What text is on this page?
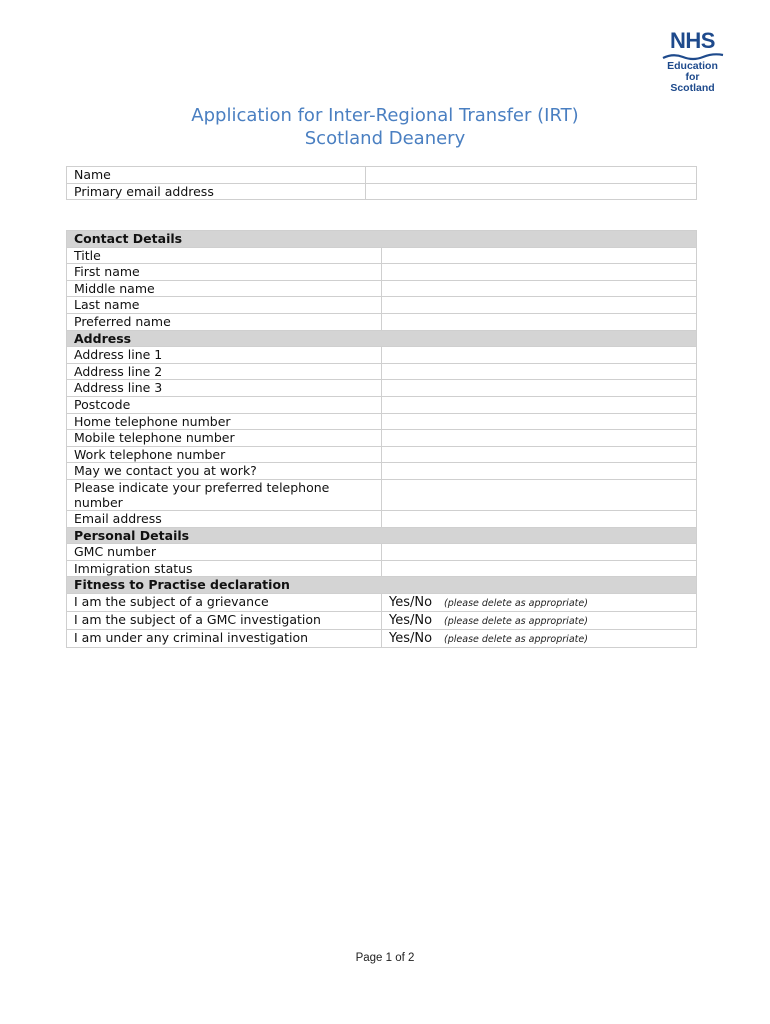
NHS
Education
for
Scotland
Application for Inter-Regional Transfer (IRT)
Scotland Deanery
Name	
Primary email address	
Contact Details	
Title	
First name	
Middle name	
Last name	
Preferred name	
Address	
Address line 1	
Address line 2	
Address line 3	
Postcode	
Home telephone number	
Mobile telephone number	
Work telephone number	
May we contact you at work?	
Please indicate your preferred telephone number	
Email address	
Personal Details	
GMC number	
Immigration status	
Fitness to Practise declaration	
I am the subject of a grievance	Yes/No (please delete as appropriate)
I am the subject of a GMC investigation	Yes/No (please delete as appropriate)
I am under any criminal investigation	Yes/No (please delete as appropriate)
Page 1 of 2
